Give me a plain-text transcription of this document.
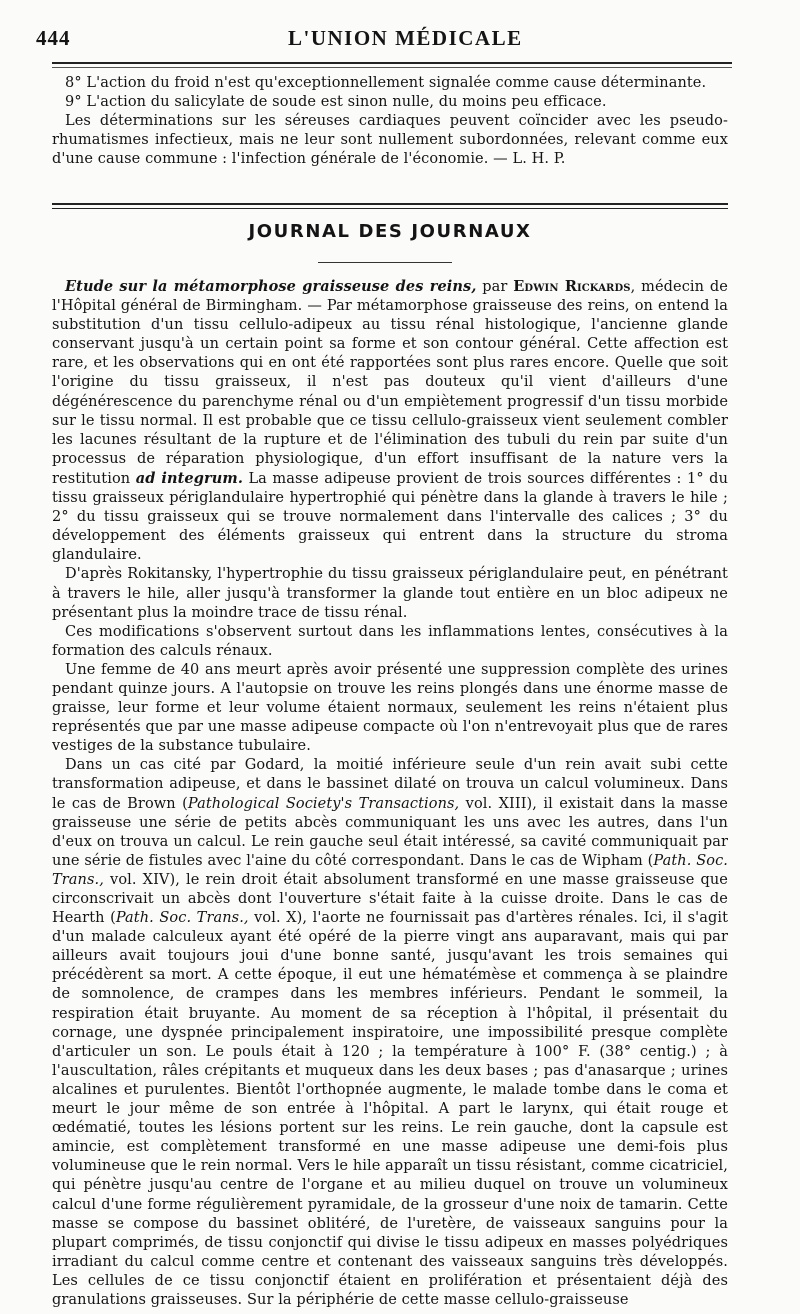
444	L'UNION MÉDICALE

8° L'action du froid n'est qu'exceptionnellement signalée comme cause déterminante.

9° L'action du salicylate de soude est sinon nulle, du moins peu efficace.

Les déterminations sur les séreuses cardiaques peuvent coïncider avec les pseudo-rhumatismes infectieux, mais ne leur sont nullement subordonnées, relevant comme eux d'une cause commune : l'infection générale de l'économie. — L. H. P.

JOURNAL DES JOURNAUX

Etude sur la métamorphose graisseuse des reins, par Edwin Rickards, médecin de l'Hôpital général de Birmingham. — Par métamorphose graisseuse des reins, on entend la substitution d'un tissu cellulo-adipeux au tissu rénal histologique, l'ancienne glande conservant jusqu'à un certain point sa forme et son contour général. Cette affection est rare, et les observations qui en ont été rapportées sont plus rares encore. Quelle que soit l'origine du tissu graisseux, il n'est pas douteux qu'il vient d'ailleurs d'une dégénérescence du parenchyme rénal ou d'un empiètement progressif d'un tissu morbide sur le tissu normal. Il est probable que ce tissu cellulo-graisseux vient seulement combler les lacunes résultant de la rupture et de l'élimination des tubuli du rein par suite d'un processus de réparation physiologique, d'un effort insuffisant de la nature vers la restitution ad integrum. La masse adipeuse provient de trois sources différentes : 1° du tissu graisseux périglandulaire hypertrophié qui pénètre dans la glande à travers le hile ; 2° du tissu graisseux qui se trouve normalement dans l'intervalle des calices ; 3° du développement des éléments graisseux qui entrent dans la structure du stroma glandulaire.

D'après Rokitansky, l'hypertrophie du tissu graisseux périglandulaire peut, en pénétrant à travers le hile, aller jusqu'à transformer la glande tout entière en un bloc adipeux ne présentant plus la moindre trace de tissu rénal.

Ces modifications s'observent surtout dans les inflammations lentes, consécutives à la formation des calculs rénaux.

Une femme de 40 ans meurt après avoir présenté une suppression complète des urines pendant quinze jours. A l'autopsie on trouve les reins plongés dans une énorme masse de graisse, leur forme et leur volume étaient normaux, seulement les reins n'étaient plus représentés que par une masse adipeuse compacte où l'on n'entrevoyait plus que de rares vestiges de la substance tubulaire.

Dans un cas cité par Godard, la moitié inférieure seule d'un rein avait subi cette transformation adipeuse, et dans le bassinet dilaté on trouva un calcul volumineux. Dans le cas de Brown (Pathological Society's Transactions, vol. XIII), il existait dans la masse graisseuse une série de petits abcès communiquant les uns avec les autres, dans l'un d'eux on trouva un calcul. Le rein gauche seul était intéressé, sa cavité communiquait par une série de fistules avec l'aine du côté correspondant. Dans le cas de Wipham (Path. Soc. Trans., vol. XIV), le rein droit était absolument transformé en une masse graisseuse que circonscrivait un abcès dont l'ouverture s'était faite à la cuisse droite. Dans le cas de Hearth (Path. Soc. Trans., vol. X), l'aorte ne fournissait pas d'artères rénales. Ici, il s'agit d'un malade calculeux ayant été opéré de la pierre vingt ans auparavant, mais qui par ailleurs avait toujours joui d'une bonne santé, jusqu'avant les trois semaines qui précédèrent sa mort. A cette époque, il eut une hématémèse et commença à se plaindre de somnolence, de crampes dans les membres inférieurs. Pendant le sommeil, la respiration était bruyante. Au moment de sa réception à l'hôpital, il présentait du cornage, une dyspnée principalement inspiratoire, une impossibilité presque complète d'articuler un son. Le pouls était à 120 ; la température à 100° F. (38° centig.) ; à l'auscultation, râles crépitants et muqueux dans les deux bases ; pas d'anasarque ; urines alcalines et purulentes. Bientôt l'orthopnée augmente, le malade tombe dans le coma et meurt le jour même de son entrée à l'hôpital. A part le larynx, qui était rouge et œdématié, toutes les lésions portent sur les reins. Le rein gauche, dont la capsule est amincie, est complètement transformé en une masse adipeuse une demi-fois plus volumineuse que le rein normal. Vers le hile apparaît un tissu résistant, comme cicatriciel, qui pénètre jusqu'au centre de l'organe et au milieu duquel on trouve un volumineux calcul d'une forme régulièrement pyramidale, de la grosseur d'une noix de tamarin. Cette masse se compose du bassinet oblitéré, de l'uretère, de vaisseaux sanguins pour la plupart comprimés, de tissu conjonctif qui divise le tissu adipeux en masses polyédriques irradiant du calcul comme centre et contenant des vaisseaux sanguins très développés. Les cellules de ce tissu conjonctif étaient en prolifération et présentaient déjà des granulations graisseuses. Sur la périphérie de cette masse cellulo-graisseuse
